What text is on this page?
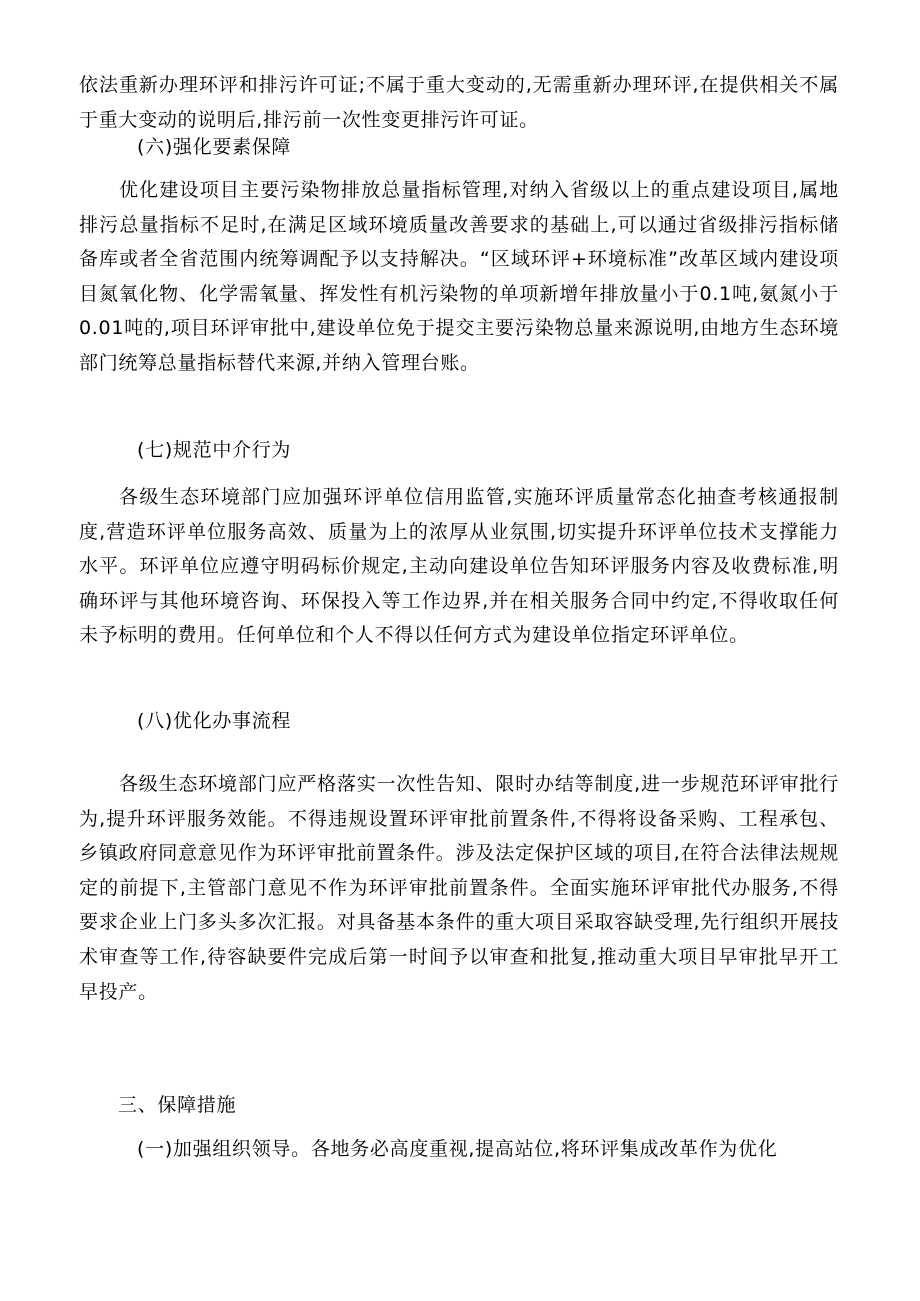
依法重新办理环评和排污许可证;不属于重大变动的,无需重新办理环评,在提供相关不属于重大变动的说明后,排污前一次性变更排污许可证。

(六)强化要素保障

优化建设项目主要污染物排放总量指标管理,对纳入省级以上的重点建设项目,属地排污总量指标不足时,在满足区域环境质量改善要求的基础上,可以通过省级排污指标储备库或者全省范围内统筹调配予以支持解决。“区域环评+环境标准”改革区域内建设项目氮氧化物、化学需氧量、挥发性有机污染物的单项新增年排放量小于0.1吨,氨氮小于0.01吨的,项目环评审批中,建设单位免于提交主要污染物总量来源说明,由地方生态环境部门统筹总量指标替代来源,并纳入管理台账。

(七)规范中介行为

各级生态环境部门应加强环评单位信用监管,实施环评质量常态化抽查考核通报制度,营造环评单位服务高效、质量为上的浓厚从业氛围,切实提升环评单位技术支撑能力水平。环评单位应遵守明码标价规定,主动向建设单位告知环评服务内容及收费标准,明确环评与其他环境咨询、环保投入等工作边界,并在相关服务合同中约定,不得收取任何未予标明的费用。任何单位和个人不得以任何方式为建设单位指定环评单位。

(八)优化办事流程

各级生态环境部门应严格落实一次性告知、限时办结等制度,进一步规范环评审批行为,提升环评服务效能。不得违规设置环评审批前置条件,不得将设备采购、工程承包、乡镇政府同意意见作为环评审批前置条件。涉及法定保护区域的项目,在符合法律法规规定的前提下,主管部门意见不作为环评审批前置条件。全面实施环评审批代办服务,不得要求企业上门多头多次汇报。对具备基本条件的重大项目采取容缺受理,先行组织开展技术审查等工作,待容缺要件完成后第一时间予以审查和批复,推动重大项目早审批早开工早投产。

三、保障措施

(一)加强组织领导。各地务必高度重视,提高站位,将环评集成改革作为优化
